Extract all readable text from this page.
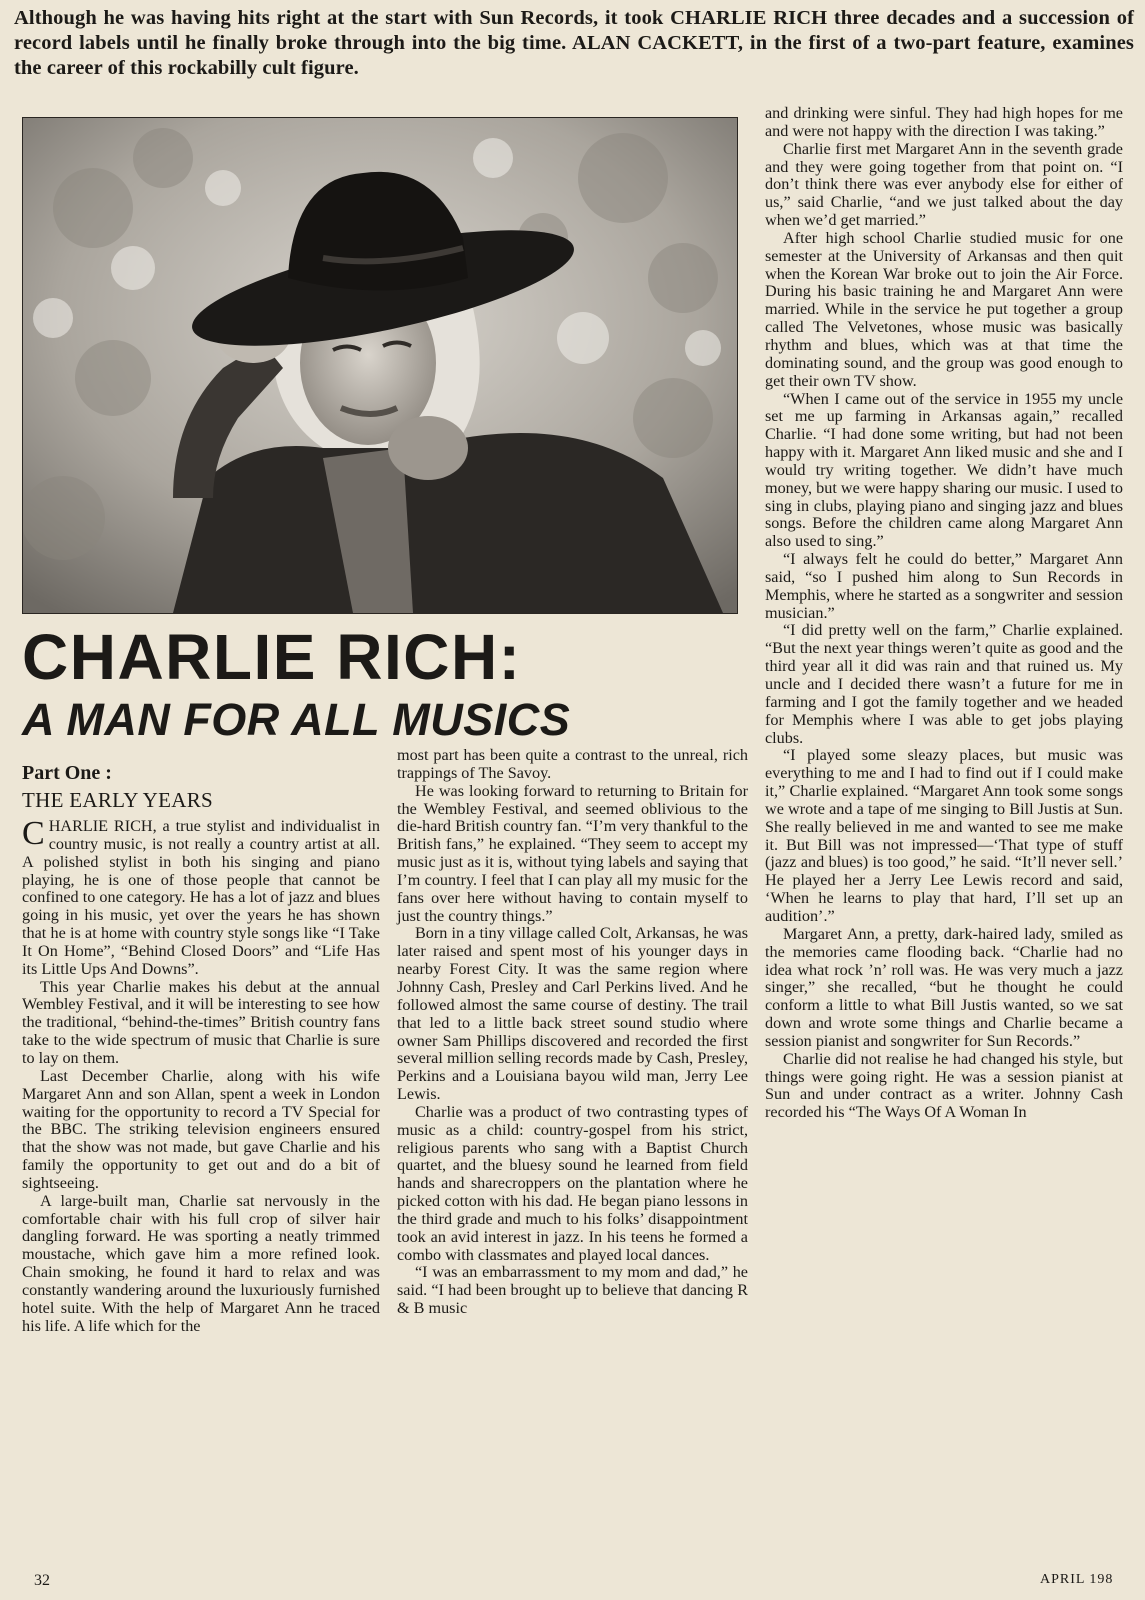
Although he was having hits right at the start with Sun Records, it took CHARLIE RICH three decades and a succession of record labels until he finally broke through into the big time. ALAN CACKETT, in the first of a two-part feature, examines the career of this rockabilly cult figure.
CHARLIE RICH:
A MAN FOR ALL MUSICS
Part One :
THE EARLY YEARS

CHARLIE RICH, a true stylist and individualist in country music, is not really a country artist at all. A polished stylist in both his singing and piano playing, he is one of those people that cannot be confined to one category. He has a lot of jazz and blues going in his music, yet over the years he has shown that he is at home with country style songs like “I Take It On Home”, “Behind Closed Doors” and “Life Has its Little Ups And Downs”.

This year Charlie makes his debut at the annual Wembley Festival, and it will be interesting to see how the traditional, “behind-the-times” British country fans take to the wide spectrum of music that Charlie is sure to lay on them.

Last December Charlie, along with his wife Margaret Ann and son Allan, spent a week in London waiting for the opportunity to record a TV Special for the BBC. The striking television engineers ensured that the show was not made, but gave Charlie and his family the opportunity to get out and do a bit of sightseeing.

A large-built man, Charlie sat nervously in the comfortable chair with his full crop of silver hair dangling forward. He was sporting a neatly trimmed moustache, which gave him a more refined look. Chain smoking, he found it hard to relax and was constantly wandering around the luxuriously furnished hotel suite. With the help of Margaret Ann he traced his life. A life which for the

most part has been quite a contrast to the unreal, rich trappings of The Savoy.

He was looking forward to returning to Britain for the Wembley Festival, and seemed oblivious to the die-hard British country fan. “I’m very thankful to the British fans,” he explained. “They seem to accept my music just as it is, without tying labels and saying that I’m country. I feel that I can play all my music for the fans over here without having to contain myself to just the country things.”

Born in a tiny village called Colt, Arkansas, he was later raised and spent most of his younger days in nearby Forest City. It was the same region where Johnny Cash, Presley and Carl Perkins lived. And he followed almost the same course of destiny. The trail that led to a little back street sound studio where owner Sam Phillips discovered and recorded the first several million selling records made by Cash, Presley, Perkins and a Louisiana bayou wild man, Jerry Lee Lewis.

Charlie was a product of two contrasting types of music as a child: country-gospel from his strict, religious parents who sang with a Baptist Church quartet, and the bluesy sound he learned from field hands and sharecroppers on the plantation where he picked cotton with his dad. He began piano lessons in the third grade and much to his folks’ disappointment took an avid interest in jazz. In his teens he formed a combo with classmates and played local dances.

“I was an embarrassment to my mom and dad,” he said. “I had been brought up to believe that dancing R & B music

and drinking were sinful. They had high hopes for me and were not happy with the direction I was taking.”

Charlie first met Margaret Ann in the seventh grade and they were going together from that point on. “I don’t think there was ever anybody else for either of us,” said Charlie, “and we just talked about the day when we’d get married.”

After high school Charlie studied music for one semester at the University of Arkansas and then quit when the Korean War broke out to join the Air Force. During his basic training he and Margaret Ann were married. While in the service he put together a group called The Velvetones, whose music was basically rhythm and blues, which was at that time the dominating sound, and the group was good enough to get their own TV show.

“When I came out of the service in 1955 my uncle set me up farming in Arkansas again,” recalled Charlie. “I had done some writing, but had not been happy with it. Margaret Ann liked music and she and I would try writing together. We didn’t have much money, but we were happy sharing our music. I used to sing in clubs, playing piano and singing jazz and blues songs. Before the children came along Margaret Ann also used to sing.”

“I always felt he could do better,” Margaret Ann said, “so I pushed him along to Sun Records in Memphis, where he started as a songwriter and session musician.”

“I did pretty well on the farm,” Charlie explained. “But the next year things weren’t quite as good and the third year all it did was rain and that ruined us. My uncle and I decided there wasn’t a future for me in farming and I got the family together and we headed for Memphis where I was able to get jobs playing clubs.

“I played some sleazy places, but music was everything to me and I had to find out if I could make it,” Charlie explained. “Margaret Ann took some songs we wrote and a tape of me singing to Bill Justis at Sun. She really believed in me and wanted to see me make it. But Bill was not impressed—‘That type of stuff (jazz and blues) is too good,” he said. “It’ll never sell.’ He played her a Jerry Lee Lewis record and said, ‘When he learns to play that hard, I’ll set up an audition’.”

Margaret Ann, a pretty, dark-haired lady, smiled as the memories came flooding back. “Charlie had no idea what rock ’n’ roll was. He was very much a jazz singer,” she recalled, “but he thought he could conform a little to what Bill Justis wanted, so we sat down and wrote some things and Charlie became a session pianist and songwriter for Sun Records.”

Charlie did not realise he had changed his style, but things were going right. He was a session pianist at Sun and under contract as a writer. Johnny Cash recorded his “The Ways Of A Woman In

32	APRIL 198
